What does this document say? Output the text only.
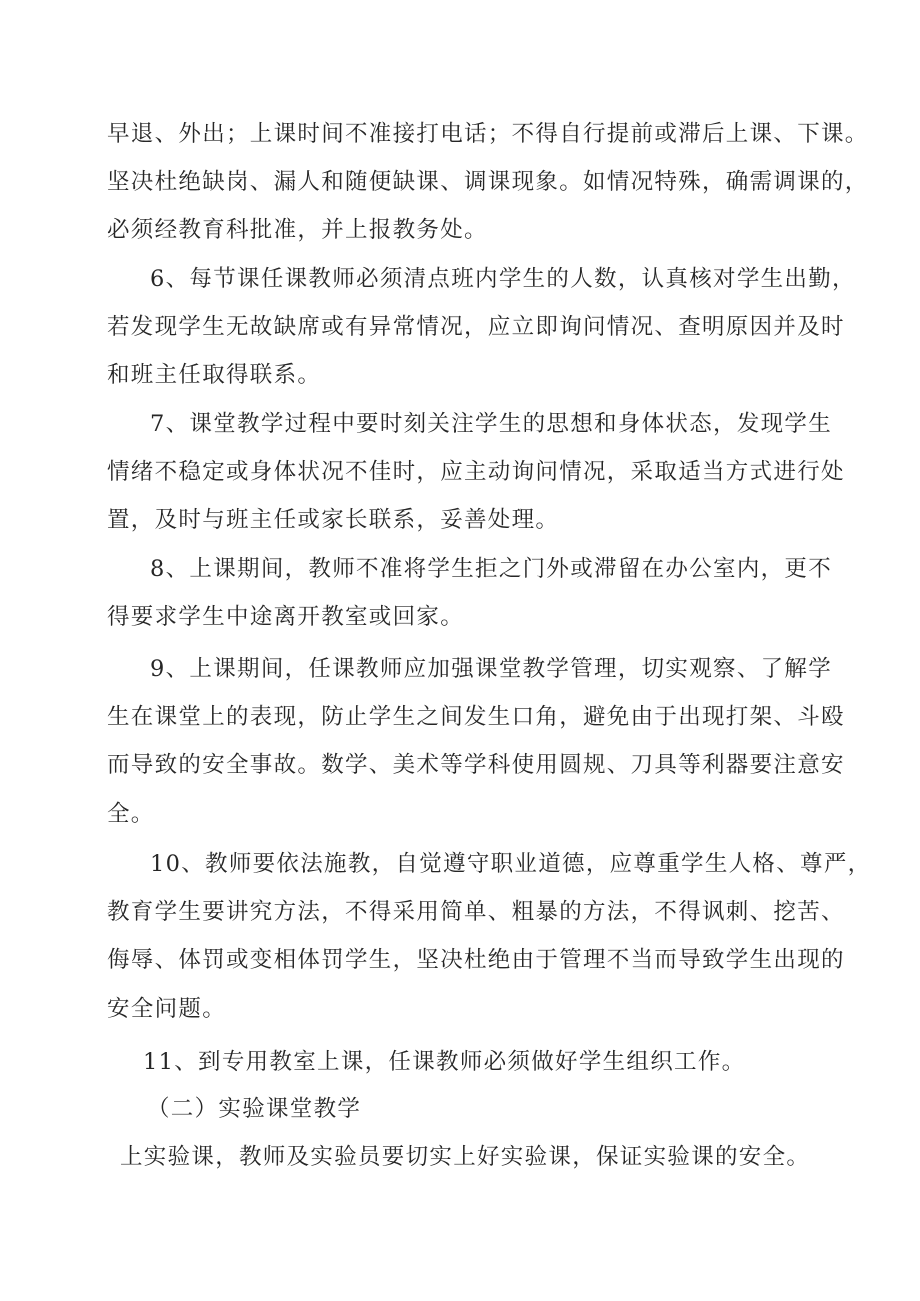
早退、外出；上课时间不准接打电话；不得自行提前或滞后上课、下课。

坚决杜绝缺岗、漏人和随便缺课、调课现象。如情况特殊，确需调课的，

必须经教育科批准，并上报教务处。

6、每节课任课教师必须清点班内学生的人数，认真核对学生出勤，

若发现学生无故缺席或有异常情况，应立即询问情况、查明原因并及时

和班主任取得联系。

7、课堂教学过程中要时刻关注学生的思想和身体状态，发现学生

情绪不稳定或身体状况不佳时，应主动询问情况，采取适当方式进行处

置，及时与班主任或家长联系，妥善处理。

8、上课期间，教师不准将学生拒之门外或滞留在办公室内，更不

得要求学生中途离开教室或回家。

9、上课期间，任课教师应加强课堂教学管理，切实观察、了解学

生在课堂上的表现，防止学生之间发生口角，避免由于出现打架、斗殴

而导致的安全事故。数学、美术等学科使用圆规、刀具等利器要注意安

全。

10、教师要依法施教，自觉遵守职业道德，应尊重学生人格、尊严，

教育学生要讲究方法，不得采用简单、粗暴的方法，不得讽刺、挖苦、

侮辱、体罚或变相体罚学生，坚决杜绝由于管理不当而导致学生出现的

安全问题。

11、到专用教室上课，任课教师必须做好学生组织工作。

（二）实验课堂教学

上实验课，教师及实验员要切实上好实验课，保证实验课的安全。
